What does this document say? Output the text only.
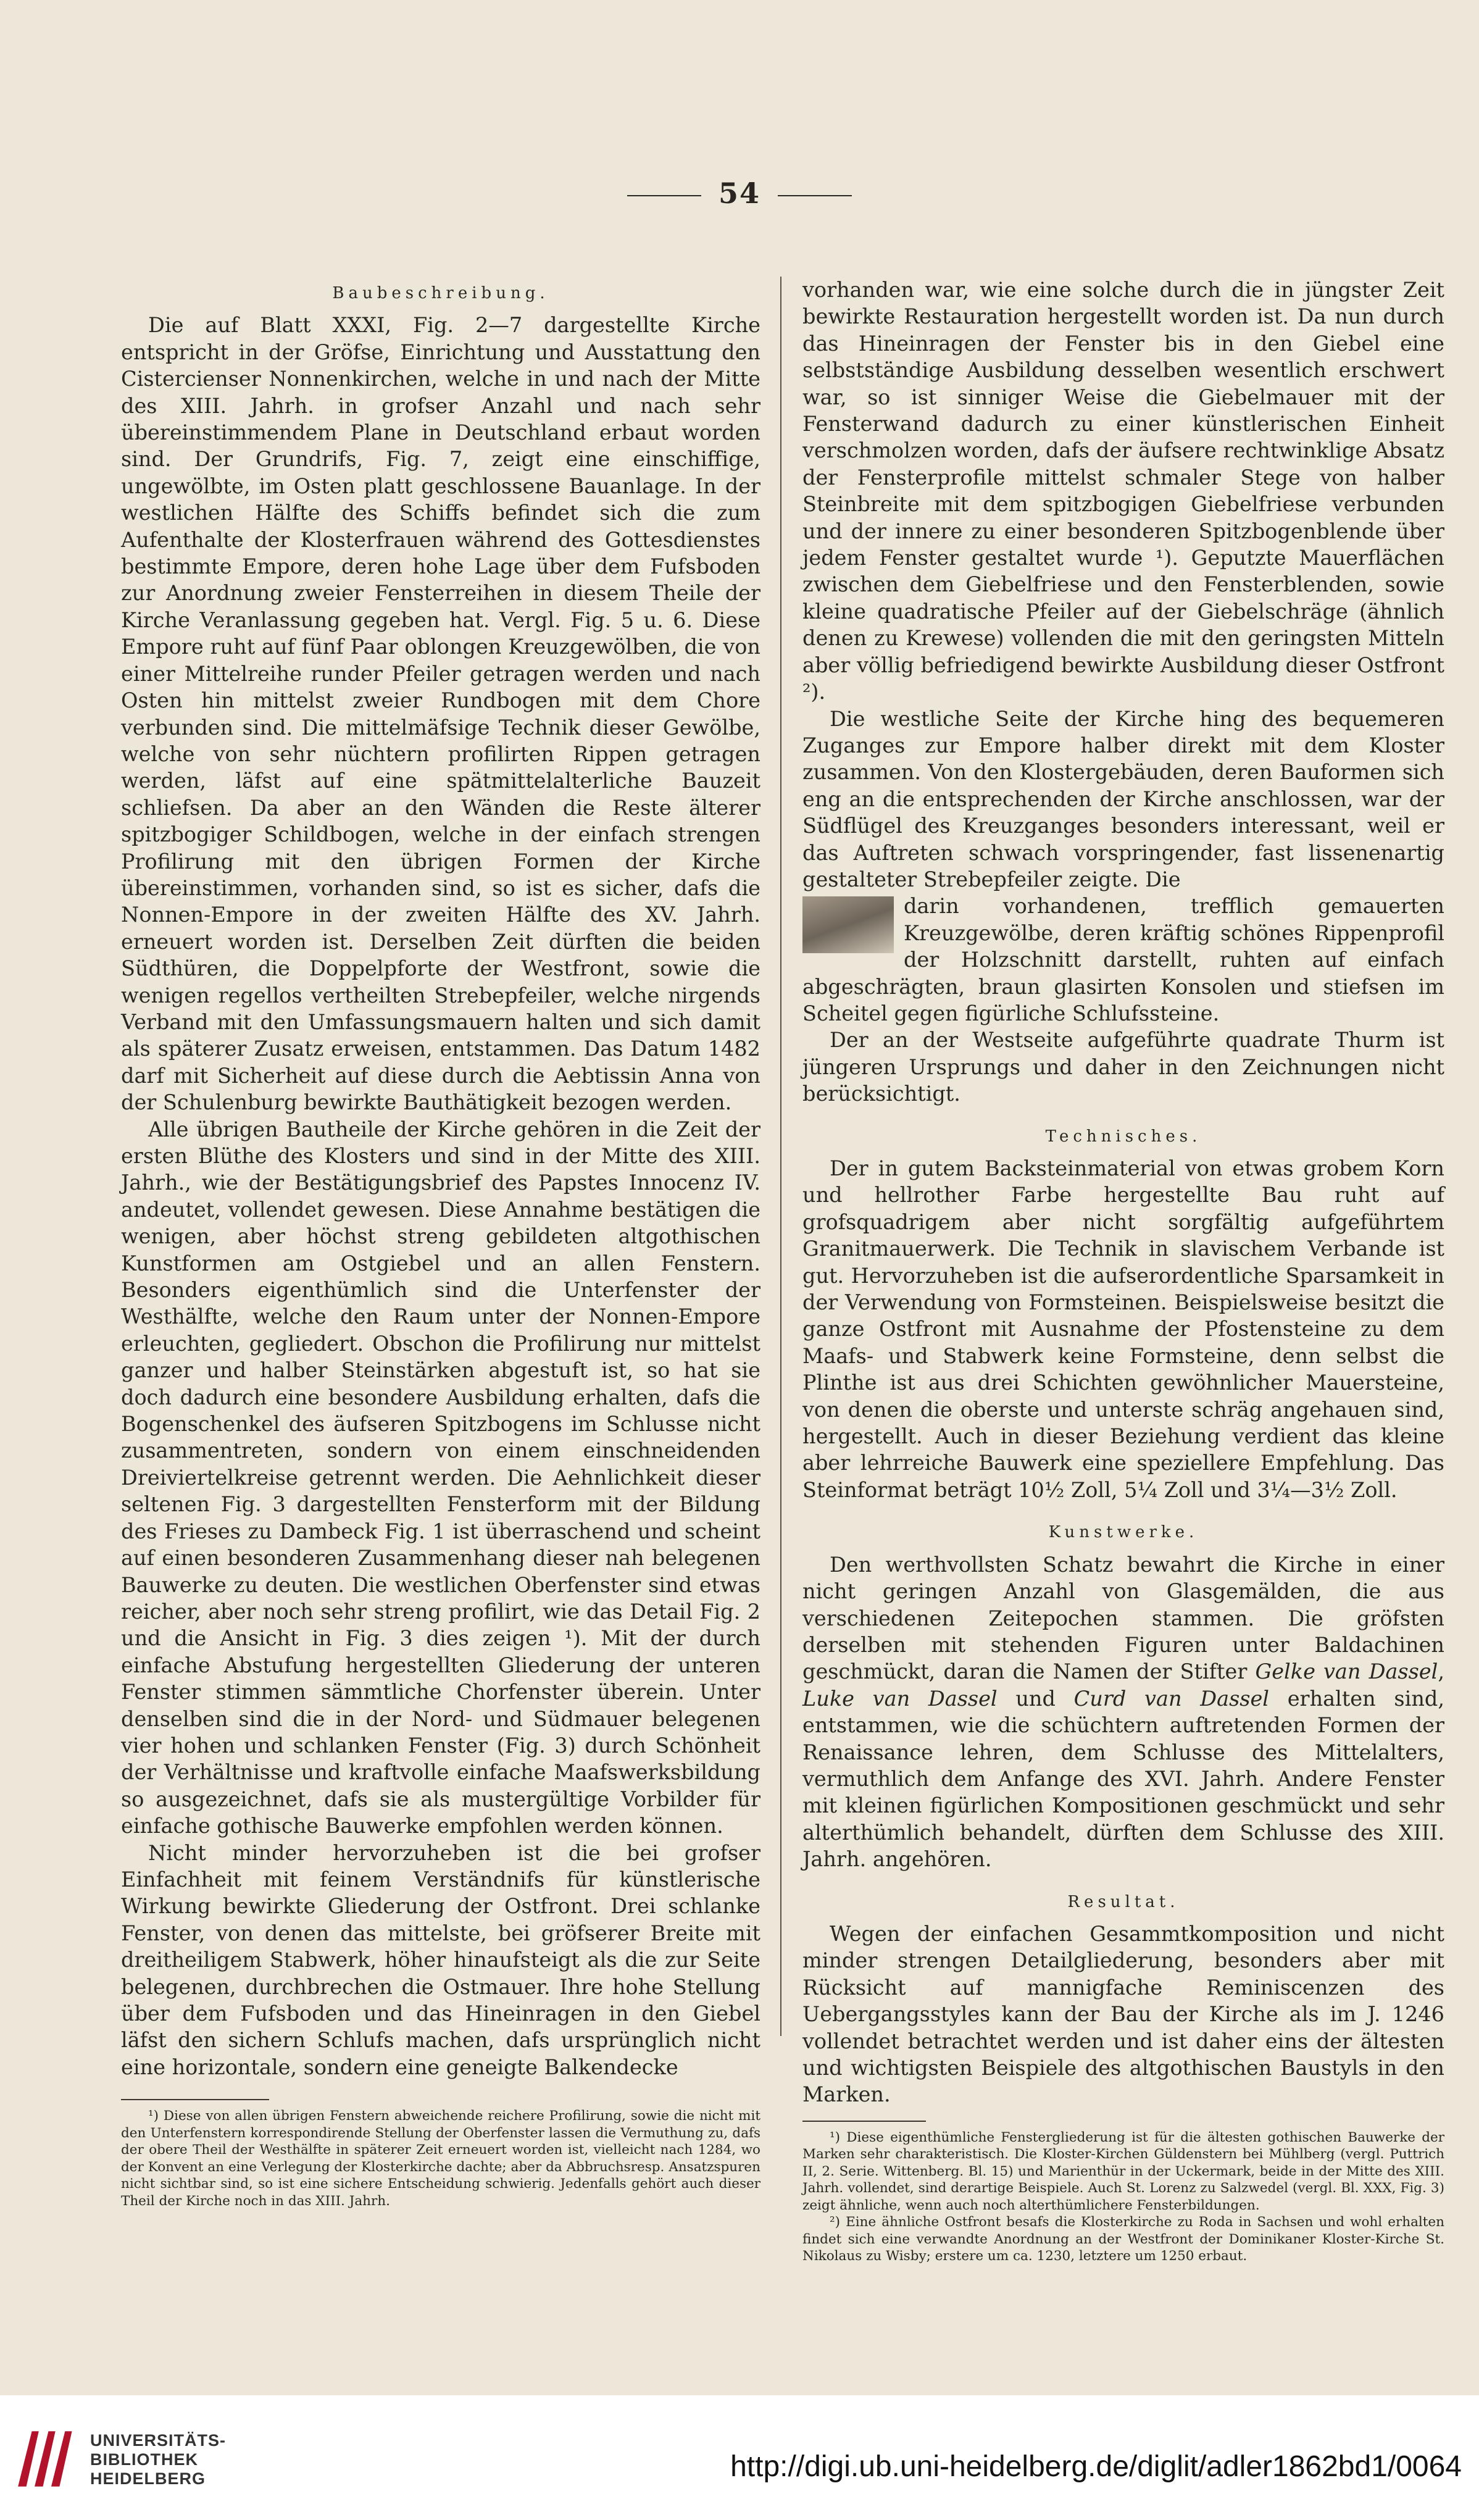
54
Baubeschreibung.

Die auf Blatt XXXI, Fig. 2—7 dargestellte Kirche entspricht in der Gröfse, Einrichtung und Ausstattung den Cistercienser Nonnenkirchen, welche in und nach der Mitte des XIII. Jahrh. in grofser Anzahl und nach sehr übereinstimmendem Plane in Deutschland erbaut worden sind. Der Grundrifs, Fig. 7, zeigt eine einschiffige, ungewölbte, im Osten platt geschlossene Bauanlage. In der westlichen Hälfte des Schiffs befindet sich die zum Aufenthalte der Klosterfrauen während des Gottesdienstes bestimmte Empore, deren hohe Lage über dem Fufsboden zur Anordnung zweier Fensterreihen in diesem Theile der Kirche Veranlassung gegeben hat. Vergl. Fig. 5 u. 6. Diese Empore ruht auf fünf Paar oblongen Kreuzgewölben, die von einer Mittelreihe runder Pfeiler getragen werden und nach Osten hin mittelst zweier Rundbogen mit dem Chore verbunden sind. Die mittelmäfsige Technik dieser Gewölbe, welche von sehr nüchtern profilirten Rippen getragen werden, läfst auf eine spätmittelalterliche Bauzeit schliefsen. Da aber an den Wänden die Reste älterer spitzbogiger Schildbogen, welche in der einfach strengen Profilirung mit den übrigen Formen der Kirche übereinstimmen, vorhanden sind, so ist es sicher, dafs die Nonnen-Empore in der zweiten Hälfte des XV. Jahrh. erneuert worden ist. Derselben Zeit dürften die beiden Südthüren, die Doppelpforte der Westfront, sowie die wenigen regellos vertheilten Strebepfeiler, welche nirgends Verband mit den Umfassungsmauern halten und sich damit als späterer Zusatz erweisen, entstammen. Das Datum 1482 darf mit Sicherheit auf diese durch die Aebtissin Anna von der Schulenburg bewirkte Bauthätigkeit bezogen werden.

Alle übrigen Bautheile der Kirche gehören in die Zeit der ersten Blüthe des Klosters und sind in der Mitte des XIII. Jahrh., wie der Bestätigungsbrief des Papstes Innocenz IV. andeutet, vollendet gewesen. Diese Annahme bestätigen die wenigen, aber höchst streng gebildeten altgothischen Kunstformen am Ostgiebel und an allen Fenstern. Besonders eigenthümlich sind die Unterfenster der Westhälfte, welche den Raum unter der Nonnen-Empore erleuchten, gegliedert. Obschon die Profilirung nur mittelst ganzer und halber Steinstärken abgestuft ist, so hat sie doch dadurch eine besondere Ausbildung erhalten, dafs die Bogenschenkel des äufseren Spitzbogens im Schlusse nicht zusammentreten, sondern von einem einschneidenden Dreiviertelkreise getrennt werden. Die Aehnlichkeit dieser seltenen Fig. 3 dargestellten Fensterform mit der Bildung des Frieses zu Dambeck Fig. 1 ist überraschend und scheint auf einen besonderen Zusammenhang dieser nah belegenen Bauwerke zu deuten. Die westlichen Oberfenster sind etwas reicher, aber noch sehr streng profilirt, wie das Detail Fig. 2 und die Ansicht in Fig. 3 dies zeigen ¹). Mit der durch einfache Abstufung hergestellten Gliederung der unteren Fenster stimmen sämmtliche Chorfenster überein. Unter denselben sind die in der Nord- und Südmauer belegenen vier hohen und schlanken Fenster (Fig. 3) durch Schönheit der Verhältnisse und kraftvolle einfache Maafswerksbildung so ausgezeichnet, dafs sie als mustergültige Vorbilder für einfache gothische Bauwerke empfohlen werden können.

Nicht minder hervorzuheben ist die bei grofser Einfachheit mit feinem Verständnifs für künstlerische Wirkung bewirkte Gliederung der Ostfront. Drei schlanke Fenster, von denen das mittelste, bei gröfserer Breite mit dreitheiligem Stabwerk, höher hinaufsteigt als die zur Seite belegenen, durchbrechen die Ostmauer. Ihre hohe Stellung über dem Fufsboden und das Hineinragen in den Giebel läfst den sichern Schlufs machen, dafs ursprünglich nicht eine horizontale, sondern eine geneigte Balkendecke

¹) Diese von allen übrigen Fenstern abweichende reichere Profilirung, sowie die nicht mit den Unterfenstern korrespondirende Stellung der Oberfenster lassen die Vermuthung zu, dafs der obere Theil der Westhälfte in späterer Zeit erneuert worden ist, vielleicht nach 1284, wo der Konvent an eine Verlegung der Klosterkirche dachte; aber da Abbruchsresp. Ansatzspuren nicht sichtbar sind, so ist eine sichere Entscheidung schwierig. Jedenfalls gehört auch dieser Theil der Kirche noch in das XIII. Jahrh.

vorhanden war, wie eine solche durch die in jüngster Zeit bewirkte Restauration hergestellt worden ist. Da nun durch das Hineinragen der Fenster bis in den Giebel eine selbstständige Ausbildung desselben wesentlich erschwert war, so ist sinniger Weise die Giebelmauer mit der Fensterwand dadurch zu einer künstlerischen Einheit verschmolzen worden, dafs der äufsere rechtwinklige Absatz der Fensterprofile mittelst schmaler Stege von halber Steinbreite mit dem spitzbogigen Giebelfriese verbunden und der innere zu einer besonderen Spitzbogenblende über jedem Fenster gestaltet wurde ¹). Geputzte Mauerflächen zwischen dem Giebelfriese und den Fensterblenden, sowie kleine quadratische Pfeiler auf der Giebelschräge (ähnlich denen zu Krewese) vollenden die mit den geringsten Mitteln aber völlig befriedigend bewirkte Ausbildung dieser Ostfront ²).

Die westliche Seite der Kirche hing des bequemeren Zuganges zur Empore halber direkt mit dem Kloster zusammen. Von den Klostergebäuden, deren Bauformen sich eng an die entsprechenden der Kirche anschlossen, war der Südflügel des Kreuzganges besonders interessant, weil er das Auftreten schwach vorspringender, fast lissenenartig gestalteter Strebepfeiler zeigte. Die

darin vorhandenen, trefflich gemauerten Kreuzgewölbe, deren kräftig schönes Rippenprofil der Holzschnitt darstellt, ruhten auf einfach abgeschrägten, braun glasirten Konsolen und stiefsen im Scheitel gegen figürliche Schlufssteine.

Der an der Westseite aufgeführte quadrate Thurm ist jüngeren Ursprungs und daher in den Zeichnungen nicht berücksichtigt.

Technisches.

Der in gutem Backsteinmaterial von etwas grobem Korn und hellrother Farbe hergestellte Bau ruht auf grofsquadrigem aber nicht sorgfältig aufgeführtem Granitmauerwerk. Die Technik in slavischem Verbande ist gut. Hervorzuheben ist die aufserordentliche Sparsamkeit in der Verwendung von Formsteinen. Beispielsweise besitzt die ganze Ostfront mit Ausnahme der Pfostensteine zu dem Maafs- und Stabwerk keine Formsteine, denn selbst die Plinthe ist aus drei Schichten gewöhnlicher Mauersteine, von denen die oberste und unterste schräg angehauen sind, hergestellt. Auch in dieser Beziehung verdient das kleine aber lehrreiche Bauwerk eine speziellere Empfehlung. Das Steinformat beträgt 10½ Zoll, 5¼ Zoll und 3¼—3½ Zoll.

Kunstwerke.

Den werthvollsten Schatz bewahrt die Kirche in einer nicht geringen Anzahl von Glasgemälden, die aus verschiedenen Zeitepochen stammen. Die gröfsten derselben mit stehenden Figuren unter Baldachinen geschmückt, daran die Namen der Stifter Gelke van Dassel, Luke van Dassel und Curd van Dassel erhalten sind, entstammen, wie die schüchtern auftretenden Formen der Renaissance lehren, dem Schlusse des Mittelalters, vermuthlich dem Anfange des XVI. Jahrh. Andere Fenster mit kleinen figürlichen Kompositionen geschmückt und sehr alterthümlich behandelt, dürften dem Schlusse des XIII. Jahrh. angehören.

Resultat.

Wegen der einfachen Gesammtkomposition und nicht minder strengen Detailgliederung, besonders aber mit Rücksicht auf mannigfache Reminiscenzen des Uebergangsstyles kann der Bau der Kirche als im J. 1246 vollendet betrachtet werden und ist daher eins der ältesten und wichtigsten Beispiele des altgothischen Baustyls in den Marken.

¹) Diese eigenthümliche Fenstergliederung ist für die ältesten gothischen Bauwerke der Marken sehr charakteristisch. Die Kloster-Kirchen Güldenstern bei Mühlberg (vergl. Puttrich II, 2. Serie. Wittenberg. Bl. 15) und Marienthür in der Uckermark, beide in der Mitte des XIII. Jahrh. vollendet, sind derartige Beispiele. Auch St. Lorenz zu Salzwedel (vergl. Bl. XXX, Fig. 3) zeigt ähnliche, wenn auch noch alterthümlichere Fensterbildungen.

²) Eine ähnliche Ostfront besafs die Klosterkirche zu Roda in Sachsen und wohl erhalten findet sich eine verwandte Anordnung an der Westfront der Dominikaner Kloster-Kirche St. Nikolaus zu Wisby; erstere um ca. 1230, letztere um 1250 erbaut.

UNIVERSITÄTS-
BIBLIOTHEK
HEIDELBERG	http://digi.ub.uni-heidelberg.de/diglit/adler1862bd1/0064
